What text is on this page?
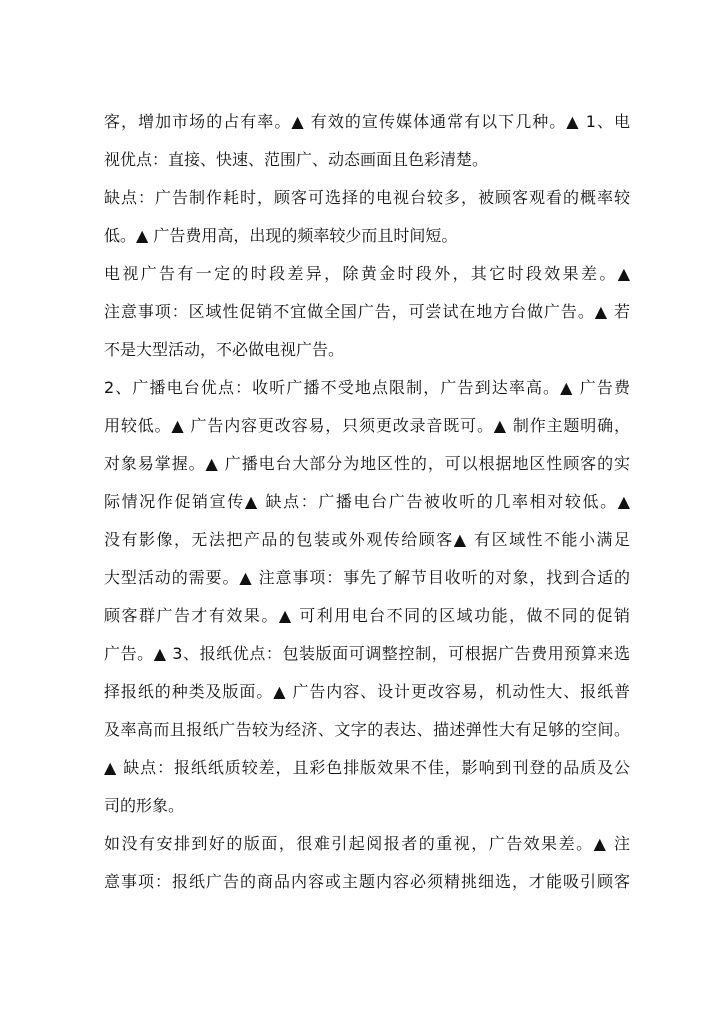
客，增加市场的占有率。▲ 有效的宣传媒体通常有以下几种。▲ 1、电
视优点：直接、快速、范围广、动态画面且色彩清楚。
缺点：广告制作耗时，顾客可选择的电视台较多，被顾客观看的概率较
低。▲ 广告费用高，出现的频率较少而且时间短。
电视广告有一定的时段差异，除黄金时段外，其它时段效果差。▲
注意事项：区域性促销不宜做全国广告，可尝试在地方台做广告。▲ 若
不是大型活动，不必做电视广告。
2、广播电台优点：收听广播不受地点限制，广告到达率高。▲ 广告费
用较低。▲ 广告内容更改容易，只须更改录音既可。▲ 制作主题明确，
对象易掌握。▲ 广播电台大部分为地区性的，可以根据地区性顾客的实
际情况作促销宣传▲ 缺点：广播电台广告被收听的几率相对较低。▲
没有影像，无法把产品的包装或外观传给顾客▲ 有区域性不能小满足
大型活动的需要。▲ 注意事项：事先了解节目收听的对象，找到合适的
顾客群广告才有效果。▲ 可利用电台不同的区域功能，做不同的促销
广告。▲ 3、报纸优点：包装版面可调整控制，可根据广告费用预算来选
择报纸的种类及版面。▲ 广告内容、设计更改容易，机动性大、报纸普
及率高而且报纸广告较为经济、文字的表达、描述弹性大有足够的空间。
▲ 缺点：报纸纸质较差，且彩色排版效果不佳，影响到刊登的品质及公
司的形象。
如没有安排到好的版面，很难引起阅报者的重视，广告效果差。▲ 注
意事项：报纸广告的商品内容或主题内容必须精挑细选，才能吸引顾客
